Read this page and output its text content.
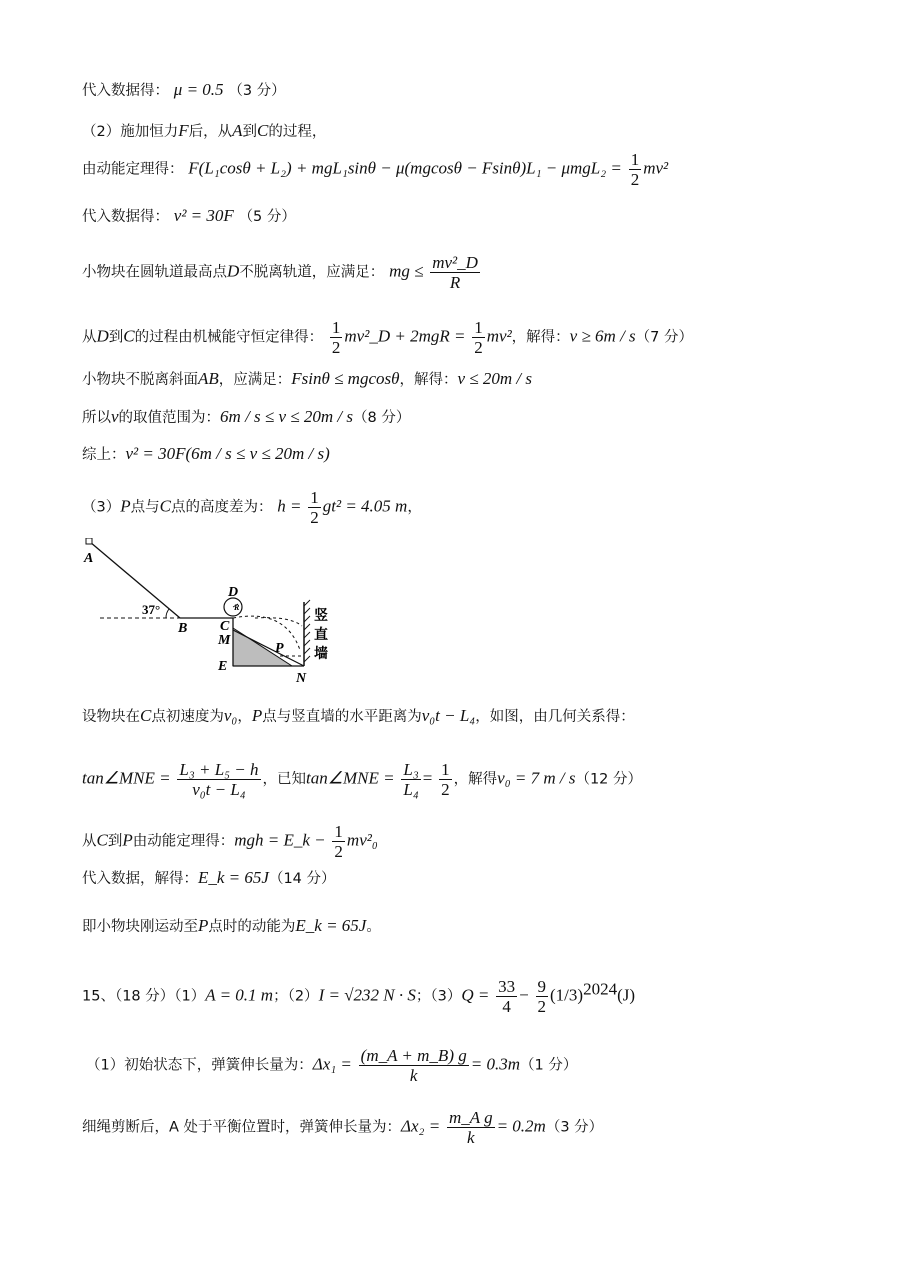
代入数据得： μ = 0.5 （3 分）
（2）施加恒力F后，从A到C的过程，
由动能定理得： $F(L_1\cos\theta + L_2) + mgL_1\sin\theta - \mu(mgcos\theta - Fsin\theta)L_1 - \mu mgL_2 = \frac{1}{2} mv^2$
代入数据得： v² = 30F （5 分）
小物块在圆轨道最高点D不脱离轨道，应满足： mg ≤ $\frac{\text{mv²\_D}}{R}$
从D到C的过程由机械能守恒定律得： $\frac{1}{2}$ mv²_D + $2mgR = \frac{1}{2} mv^2$，解得：v ≥ 6m / s（7 分）
小物块不脱离斜面AB，应满足：Fsinθ ≤ mgcosθ，解得：v ≤ 20m / s
所以v的取值范围为：6m / s ≤ v ≤ 20m / s（8 分）
综上：v² = 30F(6m / s ≤ v ≤ 20m / s)
（3）P点与C点的高度差为： $h = \frac{1}{2} gt^2 = 4.05$ m，
A
B C
D
M
E
P
N
37°	R
竖
直
墙
设物块在C点初速度为v₀，P点与竖直墙的水平距离为v₀t − L₄，如图，由几何关系得：
tan∠MNE = $\frac{\text{L₃ + L₅ − h}}{\text{v₀t − L₄}}$ ，已知tan∠MNE = $\frac{\text{L₃}}{\text{L₄}} = \frac{1}{2}$ ，解得v₀ = 7 m / s（12 分）
从C到P由动能定理得：mgh = E_k − $\frac{1}{2} mv^2_0$
代入数据，解得：E_k = 65J（14 分）
即小物块刚运动至P点时的动能为E_k = 65J。
15、（18 分）（1）A = 0.1 m；（2）I = √232 N · S；$(3)Q = \frac{33}{4} - \frac{9}{2} (1/3)^{2024}(J)$
（1）初始状态下，弹簧伸长量为：$\Delta x_1 = \frac{(m\_A + m\_B) g}{k} = 0.3m(1$ 分）
细绳剪断后，A 处于平衡位置时，弹簧伸长量为：$\Delta x_2 = \frac{\text{m\_A g}}{k} = 0.2m(3$ 分）
